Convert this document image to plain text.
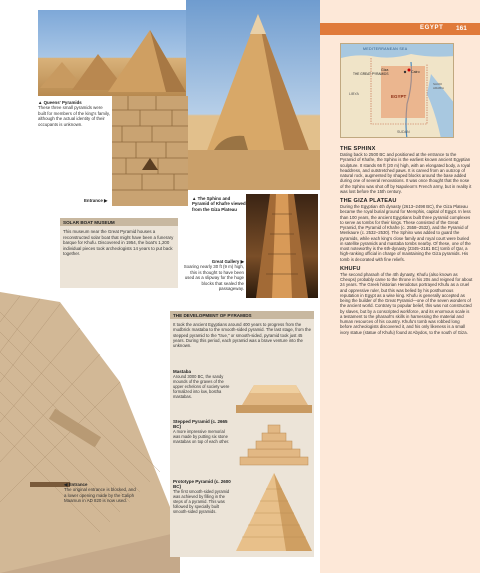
EGYPT 161
MEDITERRANEAN SEA
Giza
THE GREAT PYRAMIDS	Cairo
EGYPT
SAUDI ARABIA
LIBYA
SUDAN
THE SPHINX
Dating back to 2500 BC and positioned at the entrance to the Pyramid of Khafre, the Sphinx is the earliest known ancient Egyptian sculpture. It stands 66 ft (20 m) high, with an elongated body, a royal headdress, and outstretched paws. It is carved from an outcrop of natural rock, augmented by shaped blocks around the base added during one of several renovations. It was once thought that the nose of the Sphinx was shot off by Napoleon's French army, but in reality it was lost before the 15th century.
THE GIZA PLATEAU
During the Egyptian 4th dynasty (2613–2498 BC), the Giza Plateau became the royal burial ground for Memphis, capital of Egypt. In less than 100 years, the ancient Egyptians built three pyramid complexes to serve as tombs for their kings. These consisted of the Great Pyramid, the Pyramid of Khafre (c. 2558–2532), and the Pyramid of Menkaure (c. 2532–2530). The Sphinx was added to guard the pyramids, while each king's close family and royal court were buried in satellite pyramids and mastaba tombs nearby. Of these, one of the most noteworthy is the 6th-dynasty (2345–2181 BC) tomb of Qar, a high-ranking official in charge of maintaining the Giza pyramids. His tomb is decorated with fine reliefs.
KHUFU
The second pharaoh of the 4th dynasty, Khufu (also known as Cheops) probably came to the throne in his 20s and reigned for about 24 years. The Greek historian Herodotus portrayed Khufu as a cruel and oppressive ruler, but this was belied by his posthumous reputation in Egypt as a wise king. Khufu is generally accepted as being the builder of the Great Pyramid—one of the seven wonders of the ancient world. Contrary to popular belief, this was not constructed by slaves, but by a conscripted workforce, and its enormous scale is a testament to the pharaoh's skills in harnessing the material and human resources of his country. Khufu's tomb was robbed long before archeologists discovered it, and his only likeness is a small ivory statue (statue of Khufu) found at Abydos, to the south of Giza.
▲ Queens' Pyramids
These three small pyramids were built for members of the king's family, although the actual identity of their occupants is unknown.
Entrance ▶	▲ The Sphinx and Pyramid of Khafre viewed from the Giza Plateau
Great Gallery ▶
Soaring nearly 30 ft (9 m) high, this is thought to have been used as a slipway for the huge blocks that sealed the passageway.
SOLAR BOAT MUSEUM
This museum near the Great Pyramid houses a reconstructed solar boat that might have been a funerary barque for Khufu. Discovered in 1954, the boat's 1,200 individual pieces took archeologists 14 years to put back together.
◀ Entrance
The original entrance is blocked, and a lower opening made by the Caliph Maamun in AD 820 is now used.
THE DEVELOPMENT OF PYRAMIDS
It took the ancient Egyptians around 400 years to progress from the mudbrick mastaba to the smooth-sided pyramid. The last stage, from the stepped pyramid to the "true," or smooth-sided, pyramid took just 45 years. During this period, each pyramid was a brave venture into the unknown.
Mastaba
Around 3000 BC, the sandy mounds of the graves of the upper echelons of society were formalized into low, bostha mastabas.
Stepped Pyramid (c. 2665 BC)
A more impressive memorial was made by putting six stone mastabas on top of each other.
Prototype Pyramid (c. 2600 BC)
The first smooth-sided pyramid was achieved by filling in the steps of a pyramid. This was followed by specially built smooth-sided pyramids.
